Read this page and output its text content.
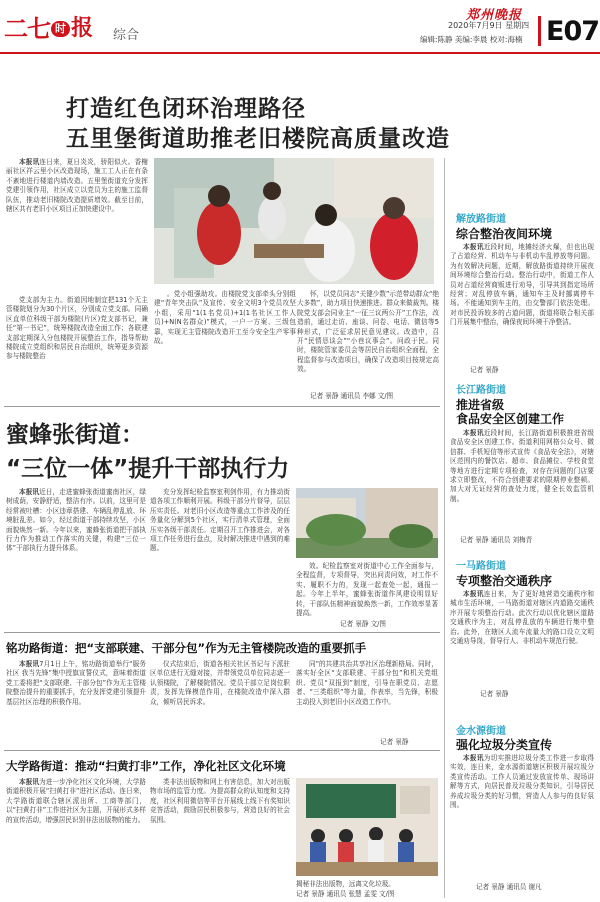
二七 时 报 综合
郑州晚报
2020年7月9日 星期四
编辑:陈静 美编:李晨 校对:海楠 E07
打造红色闭环治理路径
五里堡街道助推老旧楼院高质量改造
本报讯连日来，夏日炎炎，骄阳似火。香榭丽社区祥云里小区改造现场，施工工人正在有条不紊地进行楼道内墙改造。五里堡街道充分发挥党建引领作用，社区成立以党员为主的施工监督队伍，推动老旧楼院改造提质增效。截至目前，辖区共有老旧小区项目正加快建设中。
党支部为主力。街道因地制宜把131个无主管楼院划分为30个片区，分别成立党支部。同确区直单位科级干部为楼院(片区)党支部书记，兼任“第一书记”，统筹楼院改造全面工作；各联建支部定期深入分包楼院开展整治工作，指导帮助楼院成立党组织和居民自治组织，统筹更多资源参与楼院整治
。党小组强助攻。由楼院党支部牵头分别组建“青年突击队”及宣传、安全文明3个党员攻坚小组，采用“1(1名党员)+1(1名社区工作人员)+N(N名群众)”模式，一户一方案、三级包靠，实现无主管楼院改造开工至今安全生产零事故。
怀，以党员同志“关键少数”示范带动群众“绝大多数”，助力项目快速推进。群众来做裁判。楼院党支部会同业主“一征三议两公开”工作法，改造前，通过走访、座谈、问卷、电话、微信等5种形式，广泛征求居民意见建议。改造中，召开“民情恳谈会”“小巷议事会”。问政于民。同时，楼院管家委员会等居民自治组织全面程，全程监督参与改造项目，确保了改造项目按规定高效。
记者 景静 通讯员 李娜 文/图
解放路街道
综合整治夜间环境
本报讯近段时间，地摊经济火爆，但也出现了占道经营、机动车与非机动车乱停放等问题。为有效解决问题，近期，解放路街道持续开展夜间环境综合整治行动。整治行动中，街道工作人员对占道经营商贩进行劝导，引导其到指定场所经营；对乱停放车辆，通知车主及时挪离停车场。不能通知到车主的，由交警部门依法处理。对市民投诉较多的占道问题，街道将联合相关部门开展集中整治，确保夜间环境干净整洁。
记者 景静
长江路街道
推进省级
食品安全区创建工作
本报讯近段时间，长江路街道积极推进省级食品安全区创建工作。街道利用网格公众号、微信群、手机短信等形式宣传《食品安全法》，对辖区范围内的餐饮店、超市、食品摊位、学校食堂等地方进行定期专项检查，对存在问题的门店要求立即整改，不符合创建要求的限期停业整顿。加大对无证经营的查处力度，健全长效监管机制。
记者 景静 通讯员 刘梅青
一马路街道
专项整治交通秩序
本报讯连日来，为了更好地营造交通秩序和城市生活环境，一马路街道对辖区内道路交通秩序开展专项整治行动。此次行动以优化辖区道路交通秩序为主，对乱停乱放的车辆进行集中整治。此外，在辖区人流车流量大的路口设立文明交通劝导岗，督导行人、非机动车规范行驶。
记者 景静
金水源街道
强化垃圾分类宣传
本报讯为切实推进垃圾分类工作进一步取得实效，连日来，金水源街道辖区积极开展垃圾分类宣传活动。工作人员通过发放宣传单、现场讲解等方式，向居民普及垃圾分类知识，引导居民养成垃圾分类的好习惯，营造人人参与的良好氛围。
记者 景静 通讯员 谢凡
蜜蜂张街道：
“三位一体”提升干部执行力
本报讯近日，走进蜜蜂张街道蜜南社区，绿树成荫，安静舒适，整洁有序。以前，这里可是经常被吐槽：小区违章搭建、车辆乱停乱放、环境脏乱差。如今，经过街道干部持续攻坚，小区面貌焕然一新。今年以来，蜜蜂张街道把干部执行力作为推动工作落实的关键，构建“三位一体”干部执行力提升体系。
充分发挥纪检监察室利剑作用，有力推动街道各项工作顺利开展。科级干部分片督导，层层压实责任。对老旧小区改造等重点工作涉及的任务量化分解到5个社区，实行清单式管理，全面压实各级干部责任。定期召开工作推进会，对各项工作任务进行盘点，及时解决推进中遇到的难题。
效。纪检监察室对街道中心工作全面参与，全程监督，专项督导，突出问责问效，对工作不实、履职不力的，发现一起查处一起，通报一起。今年上半年，蜜蜂张街道作风建设明显好转，干部队伍精神面貌焕然一新，工作效率显著提高。
记者 景静 文/图
铭功路街道：把“支部联建、干部分包”作为无主管楼院改造的重要抓手
本报讯7月1日上午，铭功路街道举行“服务社区 我当先锋”集中授旗宣誓仪式，意味着街道党工委将把“支部联建、干部分包”作为无主管楼院整治提升的重要抓手，充分发挥党建引领提升基层社区治理的积极作用。
仪式结束后，街道各相关社区书记与下派驻区单位进行无缝对接，并带领党员单位同志逐一认领楼院，了解楼院情况。党员干部立足岗位职责，发挥先锋模范作用，在楼院改造中深入群众，倾听居民诉求。
同”的共建共治共享社区治理新格局。同时，落实好全区“支部联建、干部分包”和机关党组织、党员“双报到”制度，引导在职党员、志愿者、“三类组织”等力量，作表率，当先锋，积极主动投入到老旧小区改造工作中。
记者 景静
大学路街道：推动“扫黄打非”工作，净化社区文化环境
本报讯为进一步净化社区文化环境，大学路街道积极开展“扫黄打非”进社区活动。连日来，大学路街道联合辖区派出所、工商等部门，以“扫黄打非”工作进社区为主题，开展形式多样的宣传活动，增强居民识别非法出版物的能力。
类非法出版物和网上有害信息，加大对出版物市场的监管力度。为提高群众的认知度和支持度，社区利用微信等平台开展线上线下有奖知识竞答活动，鼓励居民积极参与，营造良好的社会氛围。
揭秘非法出版物，远离文化垃圾。
记者 景静 通讯员 张慧 孟雯 文/图
